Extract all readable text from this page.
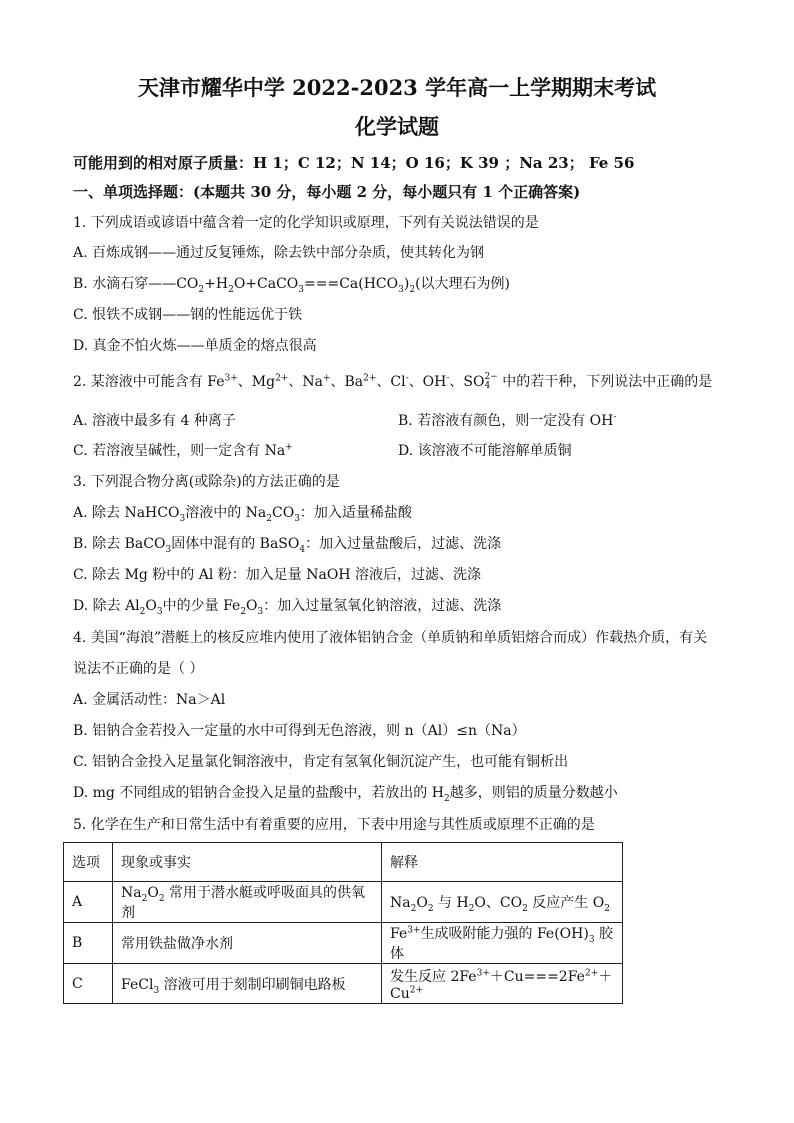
天津市耀华中学 2022-2023 学年高一上学期期末考试
化学试题
可能用到的相对原子质量：H 1；C 12；N 14；O 16；K 39 ；Na 23； Fe 56
一、单项选择题：(本题共 30 分，每小题 2 分，每小题只有 1 个正确答案)
1. 下列成语或谚语中蕴含着一定的化学知识或原理，下列有关说法错误的是
A. 百炼成钢——通过反复锤炼，除去铁中部分杂质，使其转化为钢
B. 水滴石穿$——CO_2+H_2O+CaCO_3===Ca(HCO_3)_2$(以大理石为例)
C. 恨铁不成钢——钢的性能远优于铁
D. 真金不怕火炼——单质金的熔点很高
2. 某溶液中可能含有 $Fe^{3+}$、$Mg^{2+}$、Na+、$Ba^{2+}$、Cl-、OH-、SO 2−
4 中的若干种，下列说法中正确的是
A. 溶液中最多有 4 种离子	B. 若溶液有颜色，则一定没有 OH-
C. 若溶液呈碱性，则一定含有 Na+	D. 该溶液不可能溶解单质铜
3. 下列混合物分离(或除杂)的方法正确的是
A. 除去 NaHCO$_3$溶液中的 $Na_2CO_3$：加入适量稀盐酸
B. 除去 BaCO$_3$固体中混有的 BaSO$_4$：加入过量盐酸后，过滤、洗涤
C. 除去 Mg 粉中的 Al 粉：加入足量 NaOH 溶液后，过滤、洗涤
D. 除去 $Al_2O_3$中的少量 $Fe_2O_3$：加入过量氢氧化钠溶液，过滤、洗涤
4. 美国“海浪”潜艇上的核反应堆内使用了液体铝钠合金（单质钠和单质铝熔合而成）作载热介质，有关
说法不正确的是（ ）
A. 金属活动性：Na＞Al
B. 铝钠合金若投入一定量的水中可得到无色溶液，则 n（Al）≤n（Na）
C. 铝钠合金投入足量氯化铜溶液中，肯定有氢氧化铜沉淀产生，也可能有铜析出
D. mg 不同组成的铝钠合金投入足量的盐酸中，若放出的 $H_2$越多，则铝的质量分数越小
5. 化学在生产和日常生活中有着重要的应用，下表中用途与其性质或原理不正确的是
选项	现象或事实	解释
A	$Na_2O_2$ 常用于潜水艇或呼吸面具的供氧剂	$Na_2O_2$ 与 $H_2O$、$CO_2$ 反应产生 $O_2$
B	常用铁盐做净水剂	$Fe^{3+}$生成吸附能力强的 $Fe(OH)_3$ 胶体
C	FeCl$_3$ 溶液可用于刻制印刷铜电路板	发生反应 $2Fe^{3+}+Cu===2Fe^{2+}+Cu^{2+}$
